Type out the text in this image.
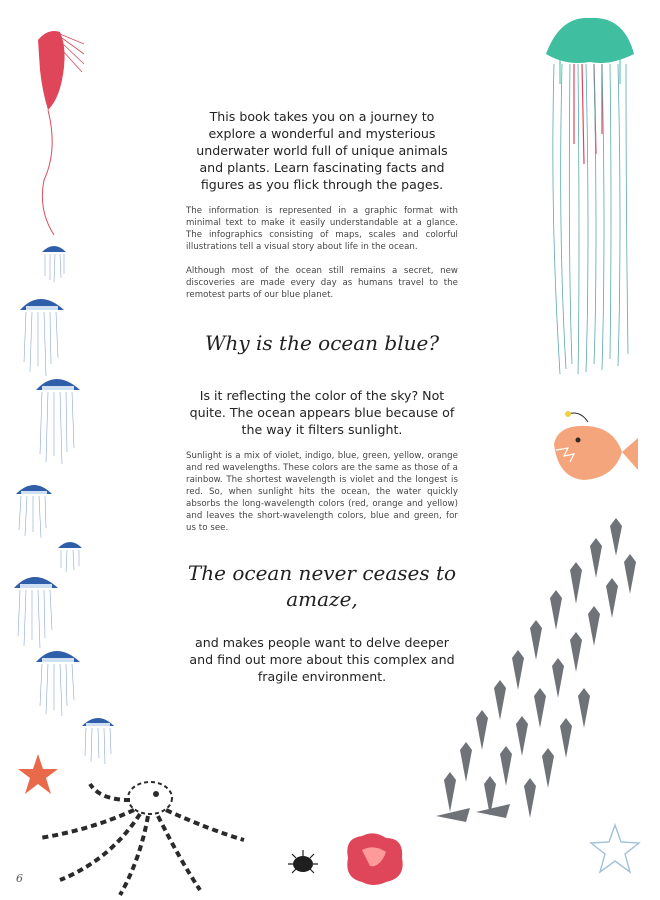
This book takes you on a journey to explore a wonderful and mysterious underwater world full of unique animals and plants. Learn fascinating facts and figures as you flick through the pages.

The information is represented in a graphic format with minimal text to make it easily understandable at a glance. The infographics consisting of maps, scales and colorful illustrations tell a visual story about life in the ocean.

Although most of the ocean still remains a secret, new discoveries are made every day as humans travel to the remotest parts of our blue planet.

Why is the ocean blue?

Is it reflecting the color of the sky? Not quite. The ocean appears blue because of the way it filters sunlight.

Sunlight is a mix of violet, indigo, blue, green, yellow, orange and red wavelengths. These colors are the same as those of a rainbow. The shortest wavelength is violet and the longest is red. So, when sunlight hits the ocean, the water quickly absorbs the long-wavelength colors (red, orange and yellow) and leaves the short-wavelength colors, blue and green, for us to see.

The ocean never ceases to amaze,

and makes people want to delve deeper and find out more about this complex and fragile environment.

6
